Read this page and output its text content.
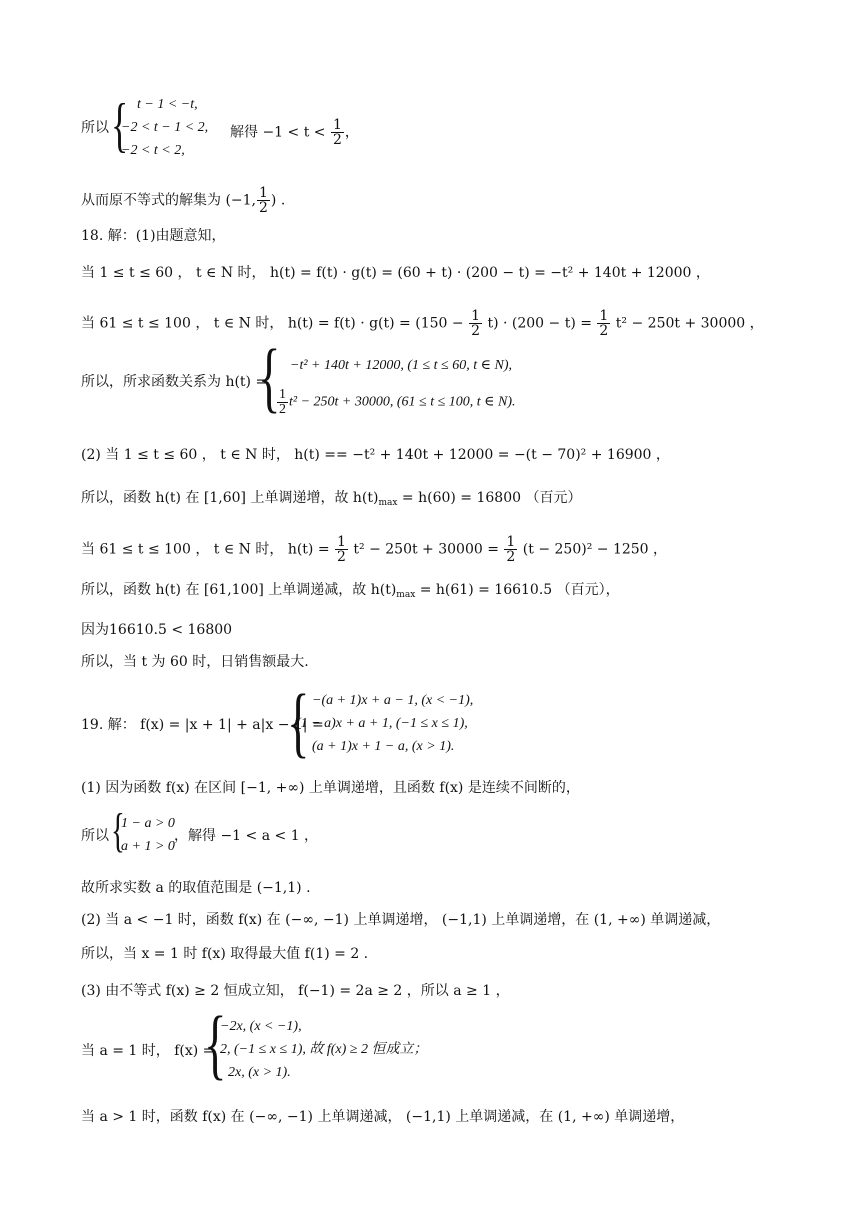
所以 { t − 1 < −t,
−2 < t − 1 < 2,
−2 < t < 2,
解得 $-1 < t < \frac{1}{2}$ ，
从而原不等式的解集为 (−1, $\frac{1}{2}$ ) .
18. 解：(1)由题意知，
当 1 ≤ t ≤ 60 ， t ∈ N 时， h(t) = f(t) · g(t) = (60 + t) · (200 − t) = −t² + 140t + 12000 ，
当 61 ≤ t ≤ 100 ， t ∈ N 时， $h(t) = f(t) \cdot g(t) = (150 - \frac{1}{2} t) \cdot (200 - t) = \frac{1}{2} t^2 - 250t + 30000$ ，
所以，所求函数关系为 h(t) =
{ −t² + 140t + 12000, (1 ≤ t ≤ 60, t ∈ N),
$\frac{1}{2} t^2 - 250t + 30000$, (61 ≤ t ≤ 100, t ∈ N).
(2) 当 1 ≤ t ≤ 60 ， t ∈ N 时， h(t) == −t² + 140t + 12000 = −(t − 70)² + 16900 ，
所以，函数 h(t) 在 [1,60] 上单调递增，故 $h(t)_{max} = h(60) = 16800$ （百元）
当 61 ≤ t ≤ 100 ， t ∈ N 时， $h(t) = \frac{1}{2} t^2 - 250t + 30000 = \frac{1}{2} (t - 250)^2 - 1250$ ，
所以，函数 h(t) 在 [61,100] 上单调递减，故 $h(t)_{max} = h(61) = 16610.5$ （百元），
因为16610.5 < 16800
所以，当 t 为 60 时，日销售额最大.
19. 解： f(x) = |x + 1| + a|x − 1| =
{ −(a + 1)x + a − 1, (x < −1),
(1 − a)x + a + 1, (−1 ≤ x ≤ 1),
(a + 1)x + 1 − a, (x > 1).
(1) 因为函数 f(x) 在区间 [−1, +∞) 上单调递增，且函数 f(x) 是连续不间断的，
所以 {
1 − a > 0
a + 1 > 0
，解得 −1 < a < 1 ，
故所求实数 a 的取值范围是 (−1,1) .
(2) 当 a < −1 时，函数 f(x) 在 (−∞, −1) 上单调递增， (−1,1) 上单调递增，在 (1, +∞) 单调递减，
所以，当 x = 1 时 f(x) 取得最大值 f(1) = 2 .
(3) 由不等式 f(x) ≥ 2 恒成立知， f(−1) = 2a ≥ 2 ，所以 a ≥ 1 ，
当 a = 1 时， f(x) =
{
−2x, (x < −1),
2, (−1 ≤ x ≤ 1), 故 f(x) ≥ 2 恒成立；
2x, (x > 1).
当 a > 1 时，函数 f(x) 在 (−∞, −1) 上单调递减， (−1,1) 上单调递减，在 (1, +∞) 单调递增，
